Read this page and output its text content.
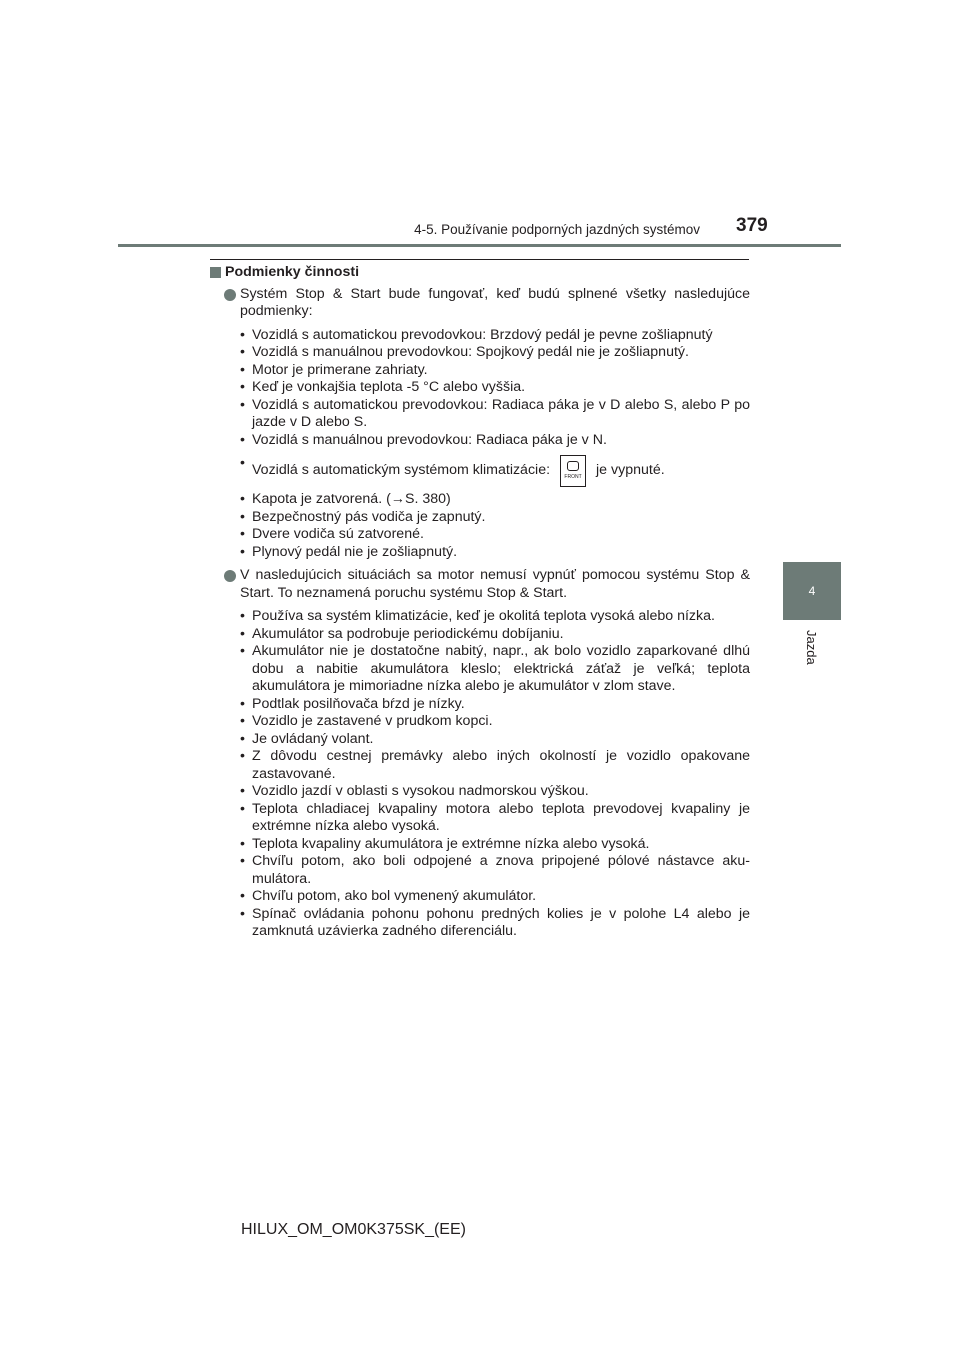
4-5. Používanie podporných jazdných systémov 379
4
Jazda
Podmienky činnosti
Systém Stop & Start bude fungovať, keď budú splnené všetky nasledujúce podmienky:
• Vozidlá s automatickou prevodovkou: Brzdový pedál je pevne zošliapnutý
• Vozidlá s manuálnou prevodovkou: Spojkový pedál nie je zošliapnutý.
• Motor je primerane zahriaty.
• Keď je vonkajšia teplota -5 °C alebo vyššia.
• Vozidlá s automatickou prevodovkou: Radiaca páka je v D alebo S, alebo P po jazde v D alebo S.
• Vozidlá s manuálnou prevodovkou: Radiaca páka je v N.
• Vozidlá s automatickým systémom klimatizácie:	FRONT	je vypnuté.
• Kapota je zatvorená. (→S. 380)
• Bezpečnostný pás vodiča je zapnutý.
• Dvere vodiča sú zatvorené.
• Plynový pedál nie je zošliapnutý.
V nasledujúcich situáciách sa motor nemusí vypnúť pomocou systému Stop & Start. To neznamená poruchu systému Stop & Start.
• Používa sa systém klimatizácie, keď je okolitá teplota vysoká alebo nízka.
• Akumulátor sa podrobuje periodickému dobíjaniu.
• Akumulátor nie je dostatočne nabitý, napr., ak bolo vozidlo zaparkované dlhú dobu a nabitie akumulátora kleslo; elektrická záťaž je veľká; teplota akumulátora je mimoriadne nízka alebo je akumulátor v zlom stave.
• Podtlak posilňovača bŕzd je nízky.
• Vozidlo je zastavené v prudkom kopci.
• Je ovládaný volant.
• Z dôvodu cestnej premávky alebo iných okolností je vozidlo opakovane zastavované.
• Vozidlo jazdí v oblasti s vysokou nadmorskou výškou.
• Teplota chladiacej kvapaliny motora alebo teplota prevodovej kvapaliny je extrémne nízka alebo vysoká.
• Teplota kvapaliny akumulátora je extrémne nízka alebo vysoká.
• Chvíľu potom, ako boli odpojené a znova pripojené pólové nástavce aku-mulátora.
• Chvíľu potom, ako bol vymenený akumulátor.
• Spínač ovládania pohonu pohonu predných kolies je v polohe L4 alebo je zamknutá uzávierka zadného diferenciálu.
HILUX_OM_OM0K375SK_(EE)
